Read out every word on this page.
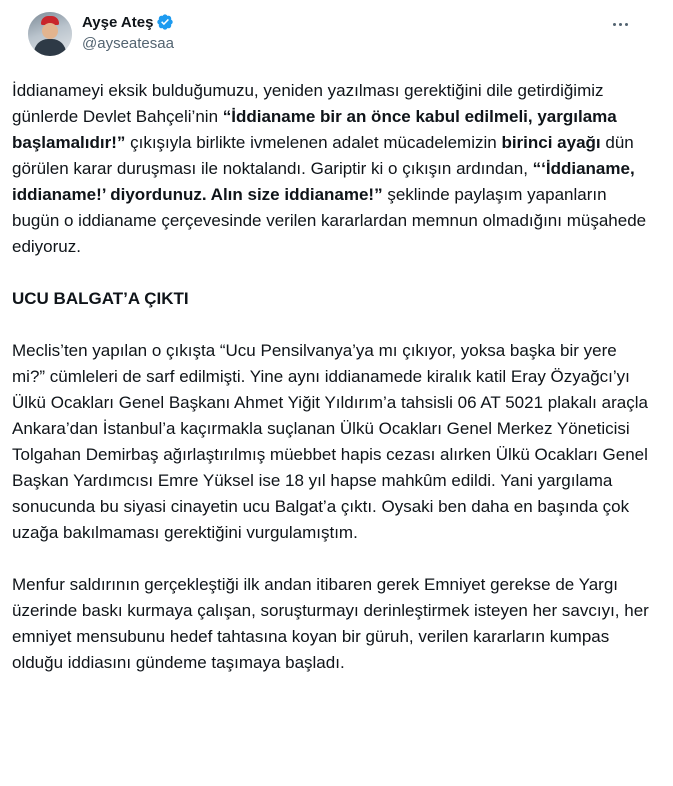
Ayşe Ateş
@ayseatesaa

İddianameyi eksik bulduğumuzu, yeniden yazılması gerektiğini dile getirdiğimiz günlerde Devlet Bahçeli’nin “İddianame bir an önce kabul edilmeli, yargılama başlamalıdır!” çıkışıyla birlikte ivmelenen adalet mücadelemizin birinci ayağı dün görülen karar duruşması ile noktalandı. Gariptir ki o çıkışın ardından, “‘İddianame, iddianame!’ diyordunuz. Alın size iddianame!” şeklinde paylaşım yapanların bugün o iddianame çerçevesinde verilen kararlardan memnun olmadığını müşahede ediyoruz.

UCU BALGAT’A ÇIKTI

Meclis’ten yapılan o çıkışta “Ucu Pensilvanya’ya mı çıkıyor, yoksa başka bir yere mi?” cümleleri de sarf edilmişti. Yine aynı iddianamede kiralık katil Eray Özyağcı’yı Ülkü Ocakları Genel Başkanı Ahmet Yiğit Yıldırım’a tahsisli 06 AT 5021 plakalı araçla Ankara’dan İstanbul’a kaçırmakla suçlanan Ülkü Ocakları Genel Merkez Yöneticisi Tolgahan Demirbaş ağırlaştırılmış müebbet hapis cezası alırken Ülkü Ocakları Genel Başkan Yardımcısı Emre Yüksel ise 18 yıl hapse mahkûm edildi. Yani yargılama sonucunda bu siyasi cinayetin ucu Balgat’a çıktı. Oysaki ben daha en başında çok uzağa bakılmaması gerektiğini vurgulamıştım.

Menfur saldırının gerçekleştiği ilk andan itibaren gerek Emniyet gerekse de Yargı üzerinde baskı kurmaya çalışan, soruşturmayı derinleştirmek isteyen her savcıyı, her emniyet mensubunu hedef tahtasına koyan bir güruh, verilen kararların kumpas olduğu iddiasını gündeme taşımaya başladı.
